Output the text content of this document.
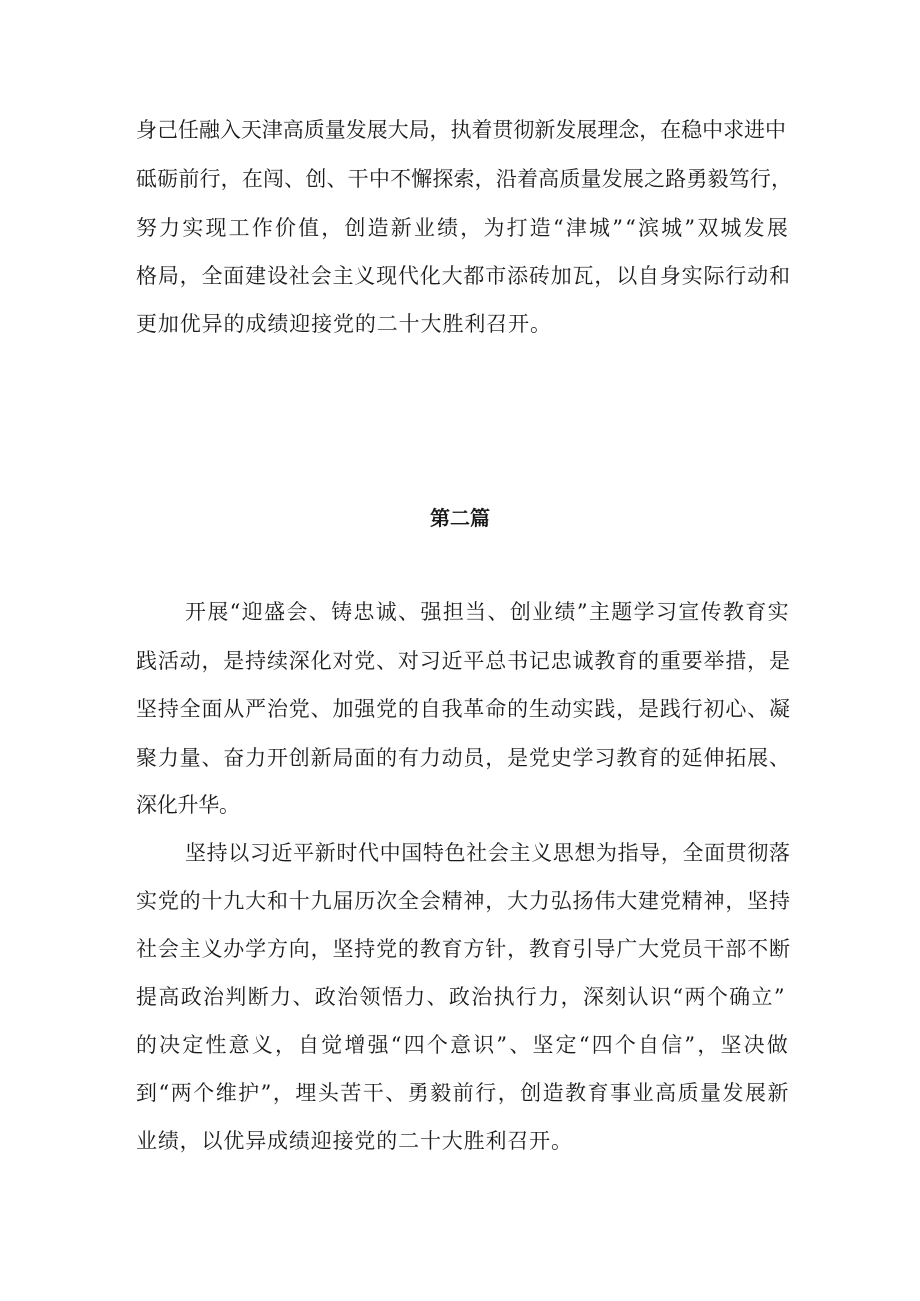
身己任融入天津高质量发展大局，执着贯彻新发展理念，在稳中求进中
砥砺前行，在闯、创、干中不懈探索，沿着高质量发展之路勇毅笃行，
努力实现工作价值，创造新业绩，为打造“津城”“滨城”双城发展
格局，全面建设社会主义现代化大都市添砖加瓦，以自身实际行动和
更加优异的成绩迎接党的二十大胜利召开。
第二篇
开展“迎盛会、铸忠诚、强担当、创业绩”主题学习宣传教育实
践活动，是持续深化对党、对习近平总书记忠诚教育的重要举措，是
坚持全面从严治党、加强党的自我革命的生动实践，是践行初心、凝
聚力量、奋力开创新局面的有力动员，是党史学习教育的延伸拓展、
深化升华。
坚持以习近平新时代中国特色社会主义思想为指导，全面贯彻落
实党的十九大和十九届历次全会精神，大力弘扬伟大建党精神，坚持
社会主义办学方向，坚持党的教育方针，教育引导广大党员干部不断
提高政治判断力、政治领悟力、政治执行力，深刻认识“两个确立”
的决定性意义，自觉增强“四个意识”、坚定“四个自信”，坚决做
到“两个维护”，埋头苦干、勇毅前行，创造教育事业高质量发展新
业绩，以优异成绩迎接党的二十大胜利召开。
